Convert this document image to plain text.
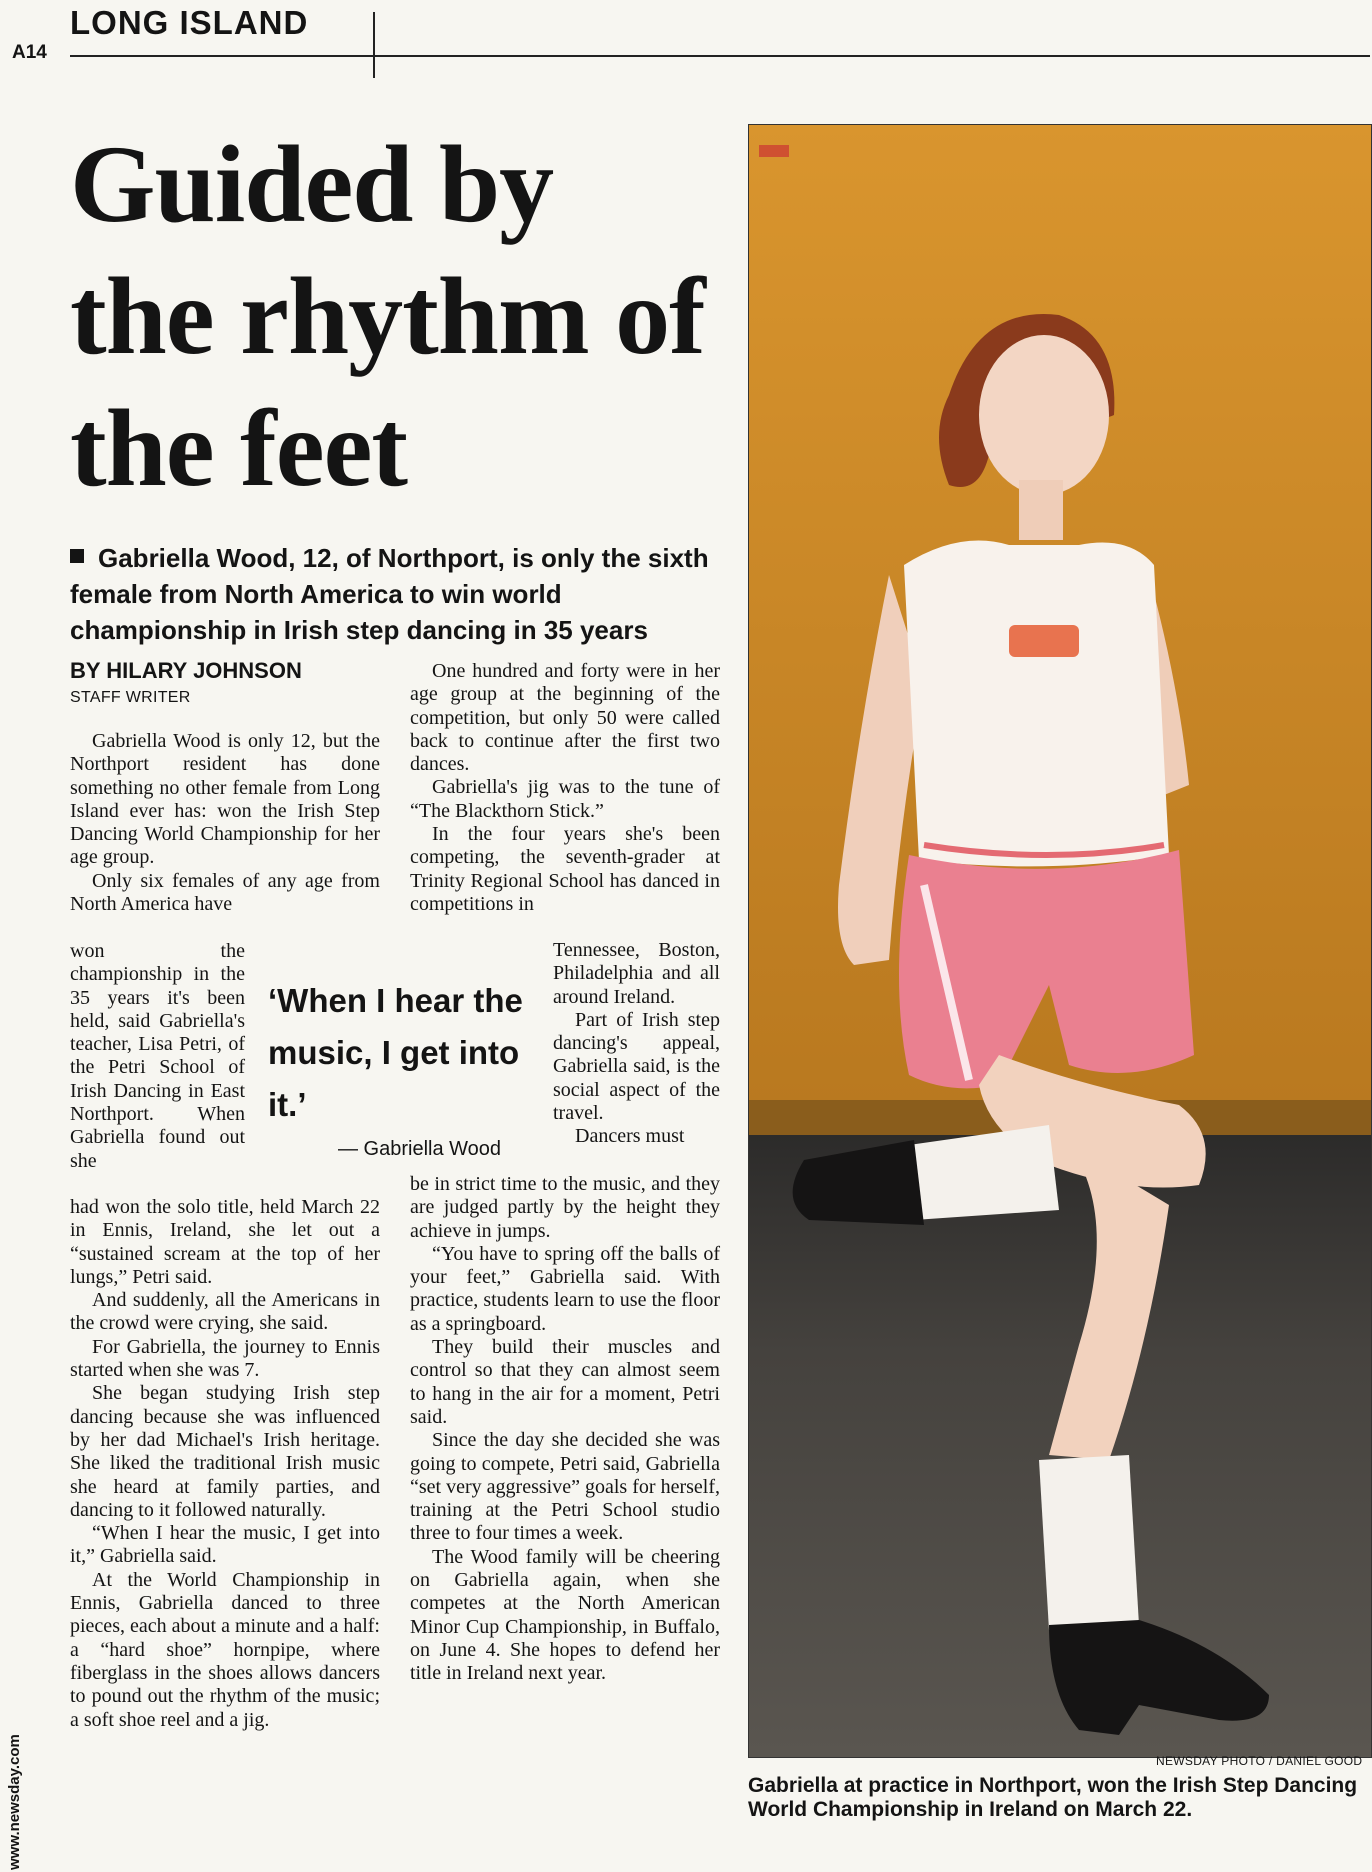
LONG ISLAND
A14
Guided by the rhythm of the feet
Gabriella Wood, 12, of Northport, is only the sixth female from North America to win world championship in Irish step dancing in 35 years
BY HILARY JOHNSON
STAFF WRITER

Gabriella Wood is only 12, but the Northport resident has done something no other female from Long Island ever has: won the Irish Step Dancing World Championship for her age group.

Only six females of any age from North America have

won the championship in the 35 years it's been held, said Gabriella's teacher, Lisa Petri, of the Petri School of Irish Dancing in East Northport. When Gabriella found out she

had won the solo title, held March 22 in Ennis, Ireland, she let out a “sustained scream at the top of her lungs,” Petri said.

And suddenly, all the Americans in the crowd were crying, she said.

For Gabriella, the journey to Ennis started when she was 7.

She began studying Irish step dancing because she was influenced by her dad Michael's Irish heritage. She liked the traditional Irish music she heard at family parties, and dancing to it followed naturally.

“When I hear the music, I get into it,” Gabriella said.

At the World Championship in Ennis, Gabriella danced to three pieces, each about a minute and a half: a “hard shoe” hornpipe, where fiberglass in the shoes allows dancers to pound out the rhythm of the music; a soft shoe reel and a jig.

One hundred and forty were in her age group at the beginning of the competition, but only 50 were called back to continue after the first two dances.

Gabriella's jig was to the tune of “The Blackthorn Stick.”

In the four years she's been competing, the seventh-grader at Trinity Regional School has danced in competitions in

Tennessee, Boston, Philadelphia and all around Ireland.

Part of Irish step dancing's appeal, Gabriella said, is the social aspect of the travel.

Dancers must

be in strict time to the music, and they are judged partly by the height they achieve in jumps.

“You have to spring off the balls of your feet,” Gabriella said. With practice, students learn to use the floor as a springboard.

They build their muscles and control so that they can almost seem to hang in the air for a moment, Petri said.

Since the day she decided she was going to compete, Petri said, Gabriella “set very aggressive” goals for herself, training at the Petri School studio three to four times a week.

The Wood family will be cheering on Gabriella again, when she competes at the North American Minor Cup Championship, in Buffalo, on June 4. She hopes to defend her title in Ireland next year.

‘When I hear the music, I get into it.’
— Gabriella Wood
NEWSDAY PHOTO / DANIEL GOOD
Gabriella at practice in Northport, won the Irish Step Dancing World Championship in Ireland on March 22.
www.newsday.com
